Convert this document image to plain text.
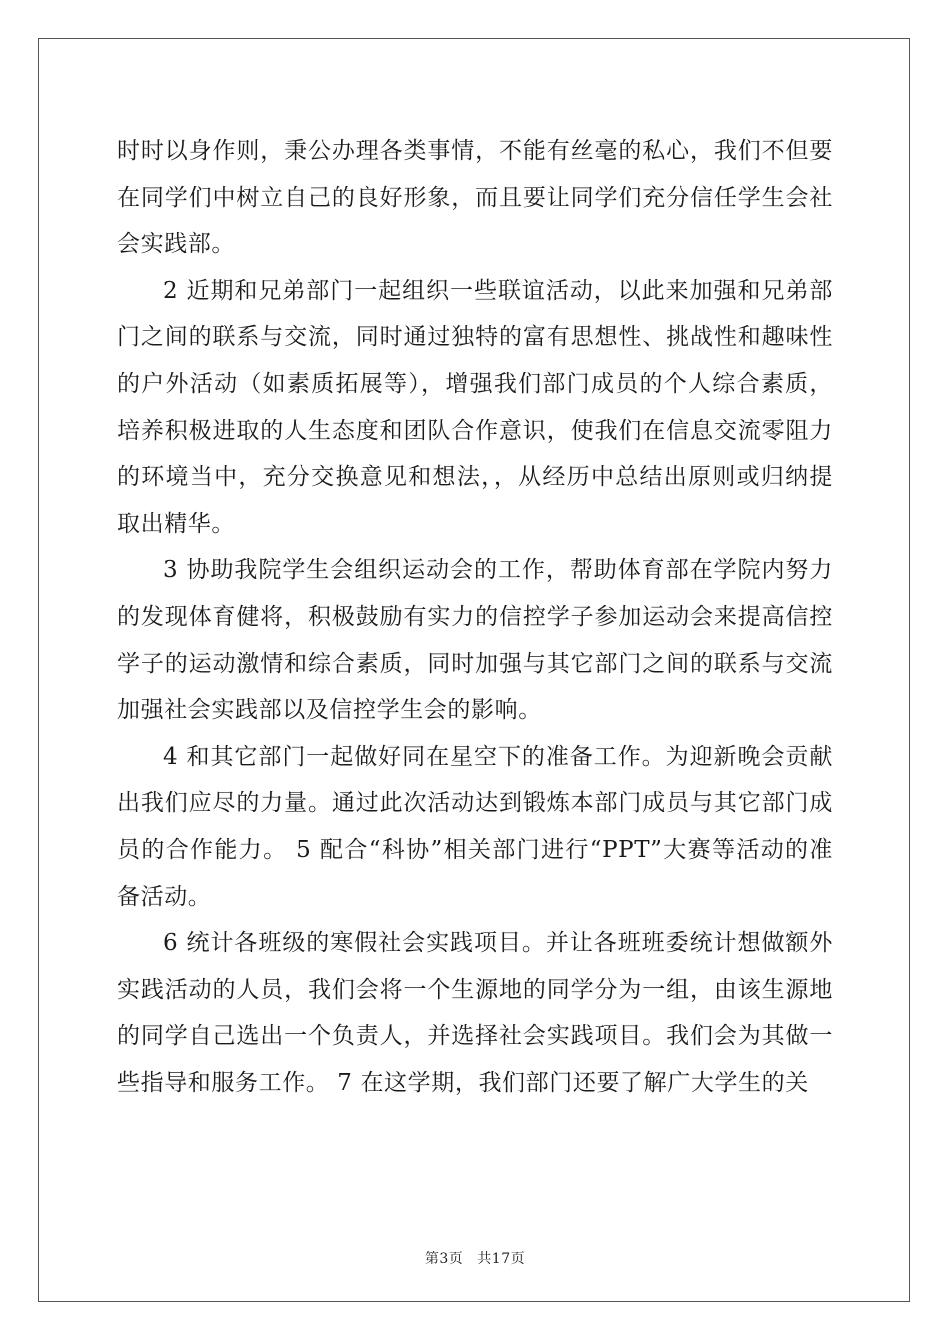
时时以身作则，秉公办理各类事情，不能有丝毫的私心，我们不但要在同学们中树立自己的良好形象，而且要让同学们充分信任学生会社会实践部。

2 近期和兄弟部门一起组织一些联谊活动，以此来加强和兄弟部门之间的联系与交流，同时通过独特的富有思想性、挑战性和趣味性的户外活动（如素质拓展等），增强我们部门成员的个人综合素质，培养积极进取的人生态度和团队合作意识，使我们在信息交流零阻力的环境当中，充分交换意见和想法，，从经历中总结出原则或归纳提取出精华。

3 协助我院学生会组织运动会的工作，帮助体育部在学院内努力的发现体育健将，积极鼓励有实力的信控学子参加运动会来提高信控学子的运动激情和综合素质，同时加强与其它部门之间的联系与交流加强社会实践部以及信控学生会的影响。

4 和其它部门一起做好同在星空下的准备工作。为迎新晚会贡献出我们应尽的力量。通过此次活动达到锻炼本部门成员与其它部门成员的合作能力。 5 配合“科协”相关部门进行“PPT”大赛等活动的准备活动。

6 统计各班级的寒假社会实践项目。并让各班班委统计想做额外实践活动的人员，我们会将一个生源地的同学分为一组，由该生源地的同学自己选出一个负责人，并选择社会实践项目。我们会为其做一些指导和服务工作。 7 在这学期，我们部门还要了解广大学生的关

第3页 共17页
